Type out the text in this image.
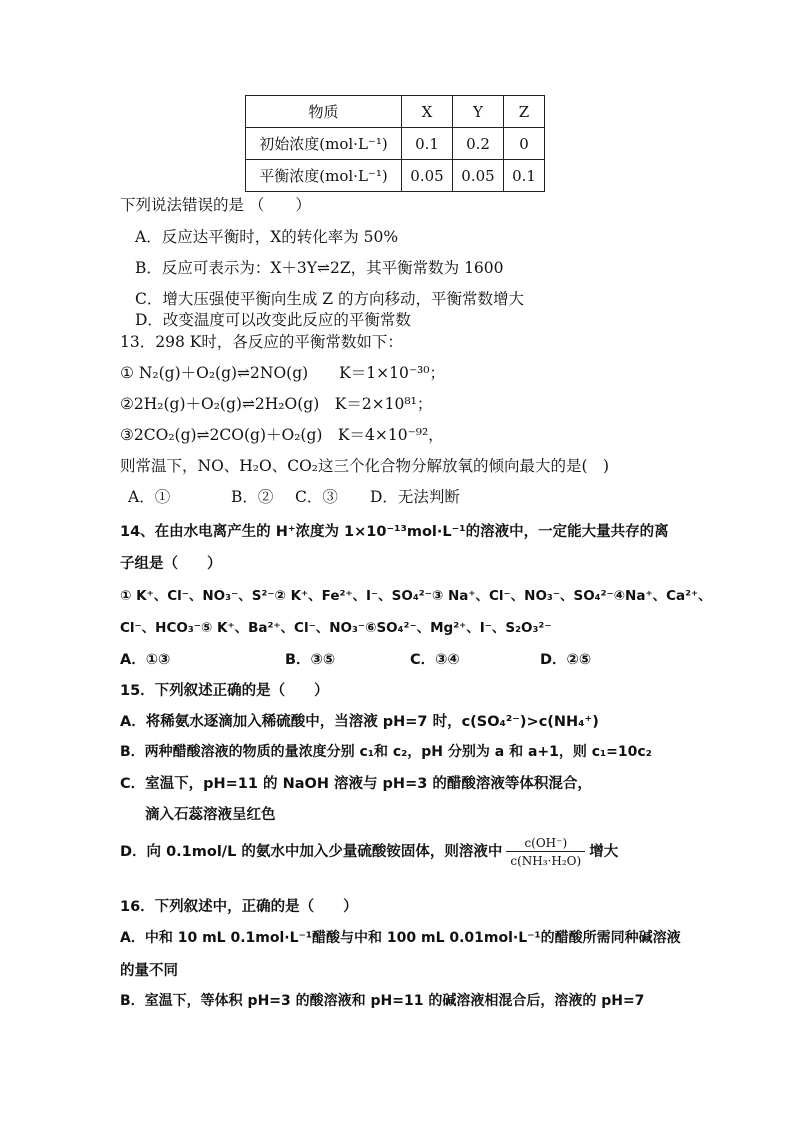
物质	X	Y	Z
初始浓度(mol·L⁻¹)	0.1	0.2	0
平衡浓度(mol·L⁻¹)	0.05	0.05	0.1
下列说法错误的是 （　　）
A．反应达平衡时，X的转化率为 50%
B．反应可表示为：X＋3Y⇌2Z，其平衡常数为 1600
C．增大压强使平衡向生成 Z 的方向移动，平衡常数增大
D．改变温度可以改变此反应的平衡常数
13．298 K时，各反应的平衡常数如下：
① N₂(g)＋O₂(g)⇌2NO(g)　　K＝1×10⁻³⁰；
②2H₂(g)＋O₂(g)⇌2H₂O(g)　K＝2×10⁸¹；
③2CO₂(g)⇌2CO(g)＋O₂(g)　K＝4×10⁻⁹²，
则常温下，NO、H₂O、CO₂这三个化合物分解放氧的倾向最大的是(　)
A．①	B．② C．③ D．无法判断
14、在由水电离产生的 H⁺浓度为 1×10⁻¹³mol·L⁻¹的溶液中，一定能大量共存的离
子组是（　　）
① K⁺、Cl⁻、NO₃⁻、S²⁻② K⁺、Fe²⁺、I⁻、SO₄²⁻③ Na⁺、Cl⁻、NO₃⁻、SO₄²⁻④Na⁺、Ca²⁺、
Cl⁻、HCO₃⁻⑤ K⁺、Ba²⁺、Cl⁻、NO₃⁻⑥SO₄²⁻、Mg²⁺、I⁻、S₂O₃²⁻
A．①③	B．③⑤	C．③④	D．②⑤
15．下列叙述正确的是（　　）
A．将稀氨水逐滴加入稀硫酸中，当溶液 pH=7 时，c(SO₄²⁻)>c(NH₄⁺)
B．两种醋酸溶液的物质的量浓度分别 c₁和 c₂，pH 分别为 a 和 a+1，则 c₁=10c₂
C．室温下，pH=11 的 NaOH 溶液与 pH=3 的醋酸溶液等体积混合，
滴入石蕊溶液呈红色
D．向 0.1mol/L 的氨水中加入少量硫酸铵固体，则溶液中 $\frac{c(OH^-)}{\text{c(NH₃·H₂O)}}$ 增大
16．下列叙述中，正确的是（　　）
A．中和 10 mL 0.1mol·L⁻¹醋酸与中和 100 mL 0.01mol·L⁻¹的醋酸所需同种碱溶液
的量不同
B．室温下，等体积 pH=3 的酸溶液和 pH=11 的碱溶液相混合后，溶液的 pH=7
